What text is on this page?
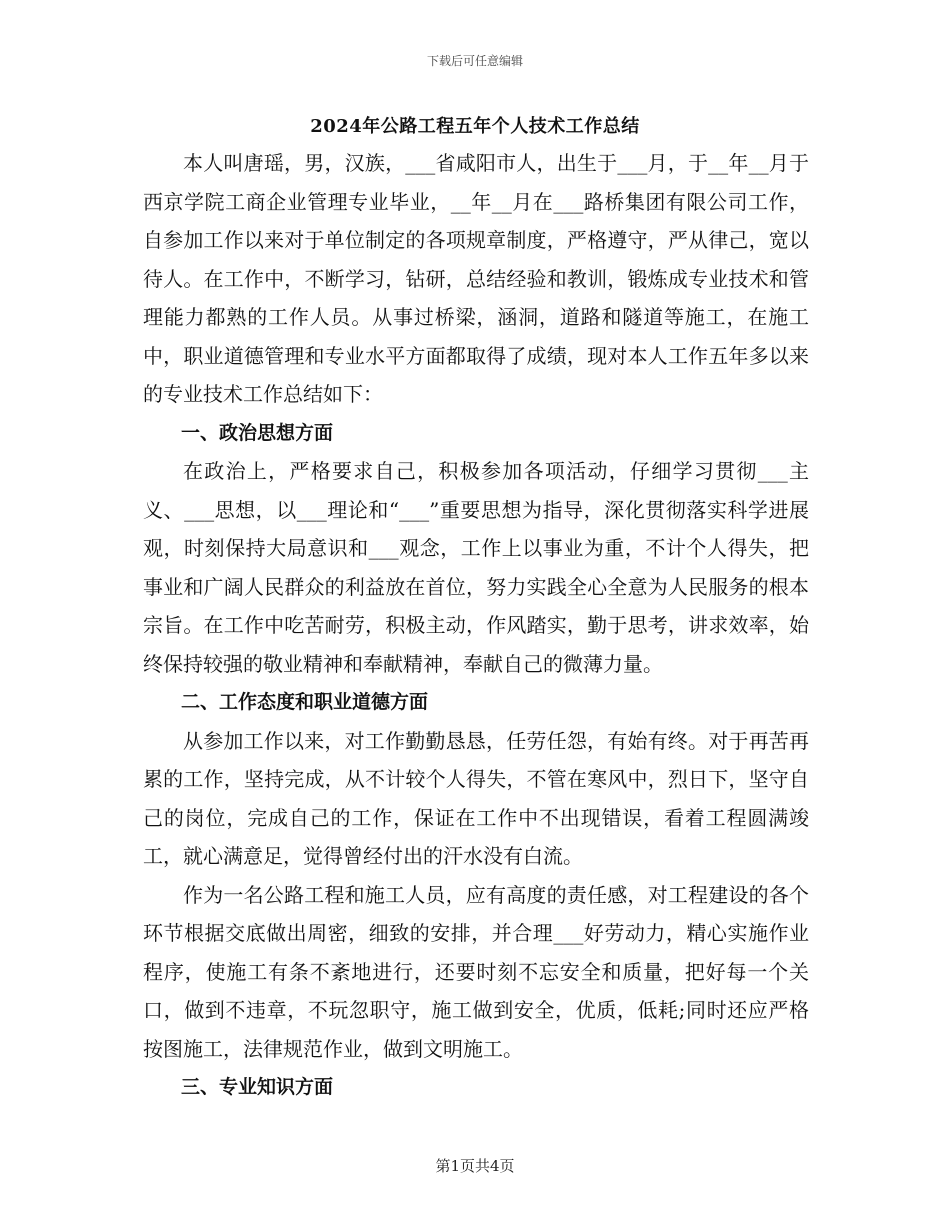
下载后可任意编辑
2024年公路工程五年个人技术工作总结

本人叫唐瑶，男，汉族，___省咸阳市人，出生于___月，于__年__月于西京学院工商企业管理专业毕业，__年__月在___路桥集团有限公司工作，自参加工作以来对于单位制定的各项规章制度，严格遵守，严从律己，宽以待人。在工作中，不断学习，钻研，总结经验和教训，锻炼成专业技术和管理能力都熟的工作人员。从事过桥梁，涵洞，道路和隧道等施工，在施工中，职业道德管理和专业水平方面都取得了成绩，现对本人工作五年多以来的专业技术工作总结如下：

一、政治思想方面

在政治上，严格要求自己，积极参加各项活动，仔细学习贯彻___主义、___思想，以___理论和“___”重要思想为指导，深化贯彻落实科学进展观，时刻保持大局意识和___观念，工作上以事业为重，不计个人得失，把事业和广阔人民群众的利益放在首位，努力实践全心全意为人民服务的根本宗旨。在工作中吃苦耐劳，积极主动，作风踏实，勤于思考，讲求效率，始终保持较强的敬业精神和奉献精神，奉献自己的微薄力量。

二、工作态度和职业道德方面

从参加工作以来，对工作勤勤恳恳，任劳任怨，有始有终。对于再苦再累的工作，坚持完成，从不计较个人得失，不管在寒风中，烈日下，坚守自己的岗位，完成自己的工作，保证在工作中不出现错误，看着工程圆满竣工，就心满意足，觉得曾经付出的汗水没有白流。

作为一名公路工程和施工人员，应有高度的责任感，对工程建设的各个环节根据交底做出周密，细致的安排，并合理___好劳动力，精心实施作业程序，使施工有条不紊地进行，还要时刻不忘安全和质量，把好每一个关口，做到不违章，不玩忽职守，施工做到安全，优质，低耗;同时还应严格按图施工，法律规范作业，做到文明施工。

三、专业知识方面

第1页共4页
